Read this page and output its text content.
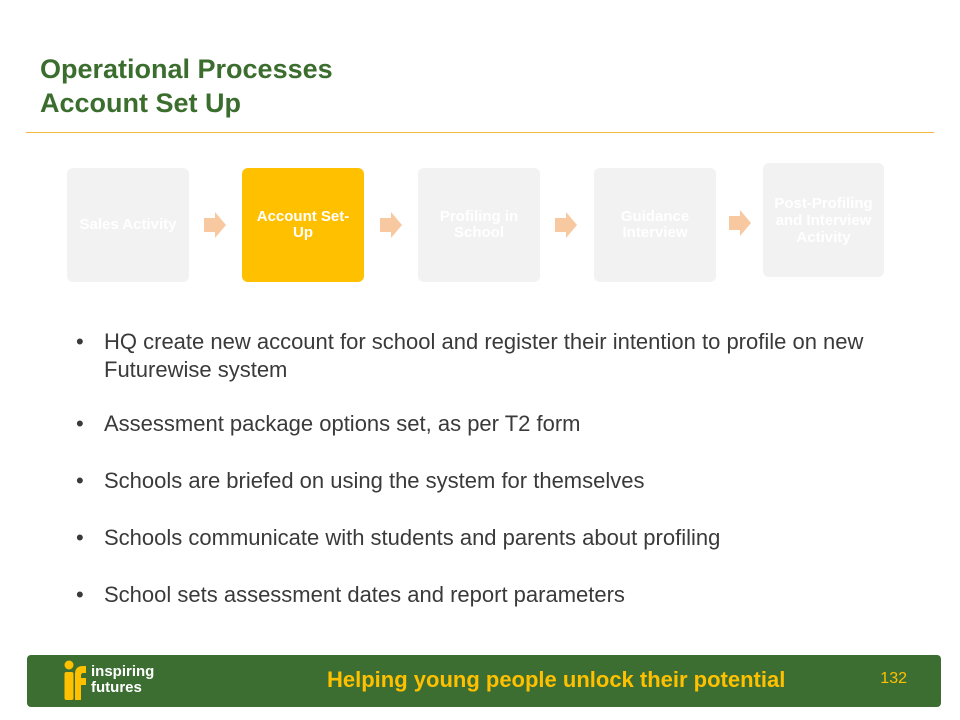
Operational Processes
Account Set Up
Sales Activity	Account Set-Up
Profiling in School
Guidance Interview
Post-Profiling and Interview Activity
• HQ create new account for school and register their intention to profile on new Futurewise system
• Assessment package options set, as per T2 form
• Schools are briefed on using the system for themselves
• Schools communicate with students and parents about profiling
• School sets assessment dates and report parameters
inspiring
futures	Helping young people unlock their potential	132
